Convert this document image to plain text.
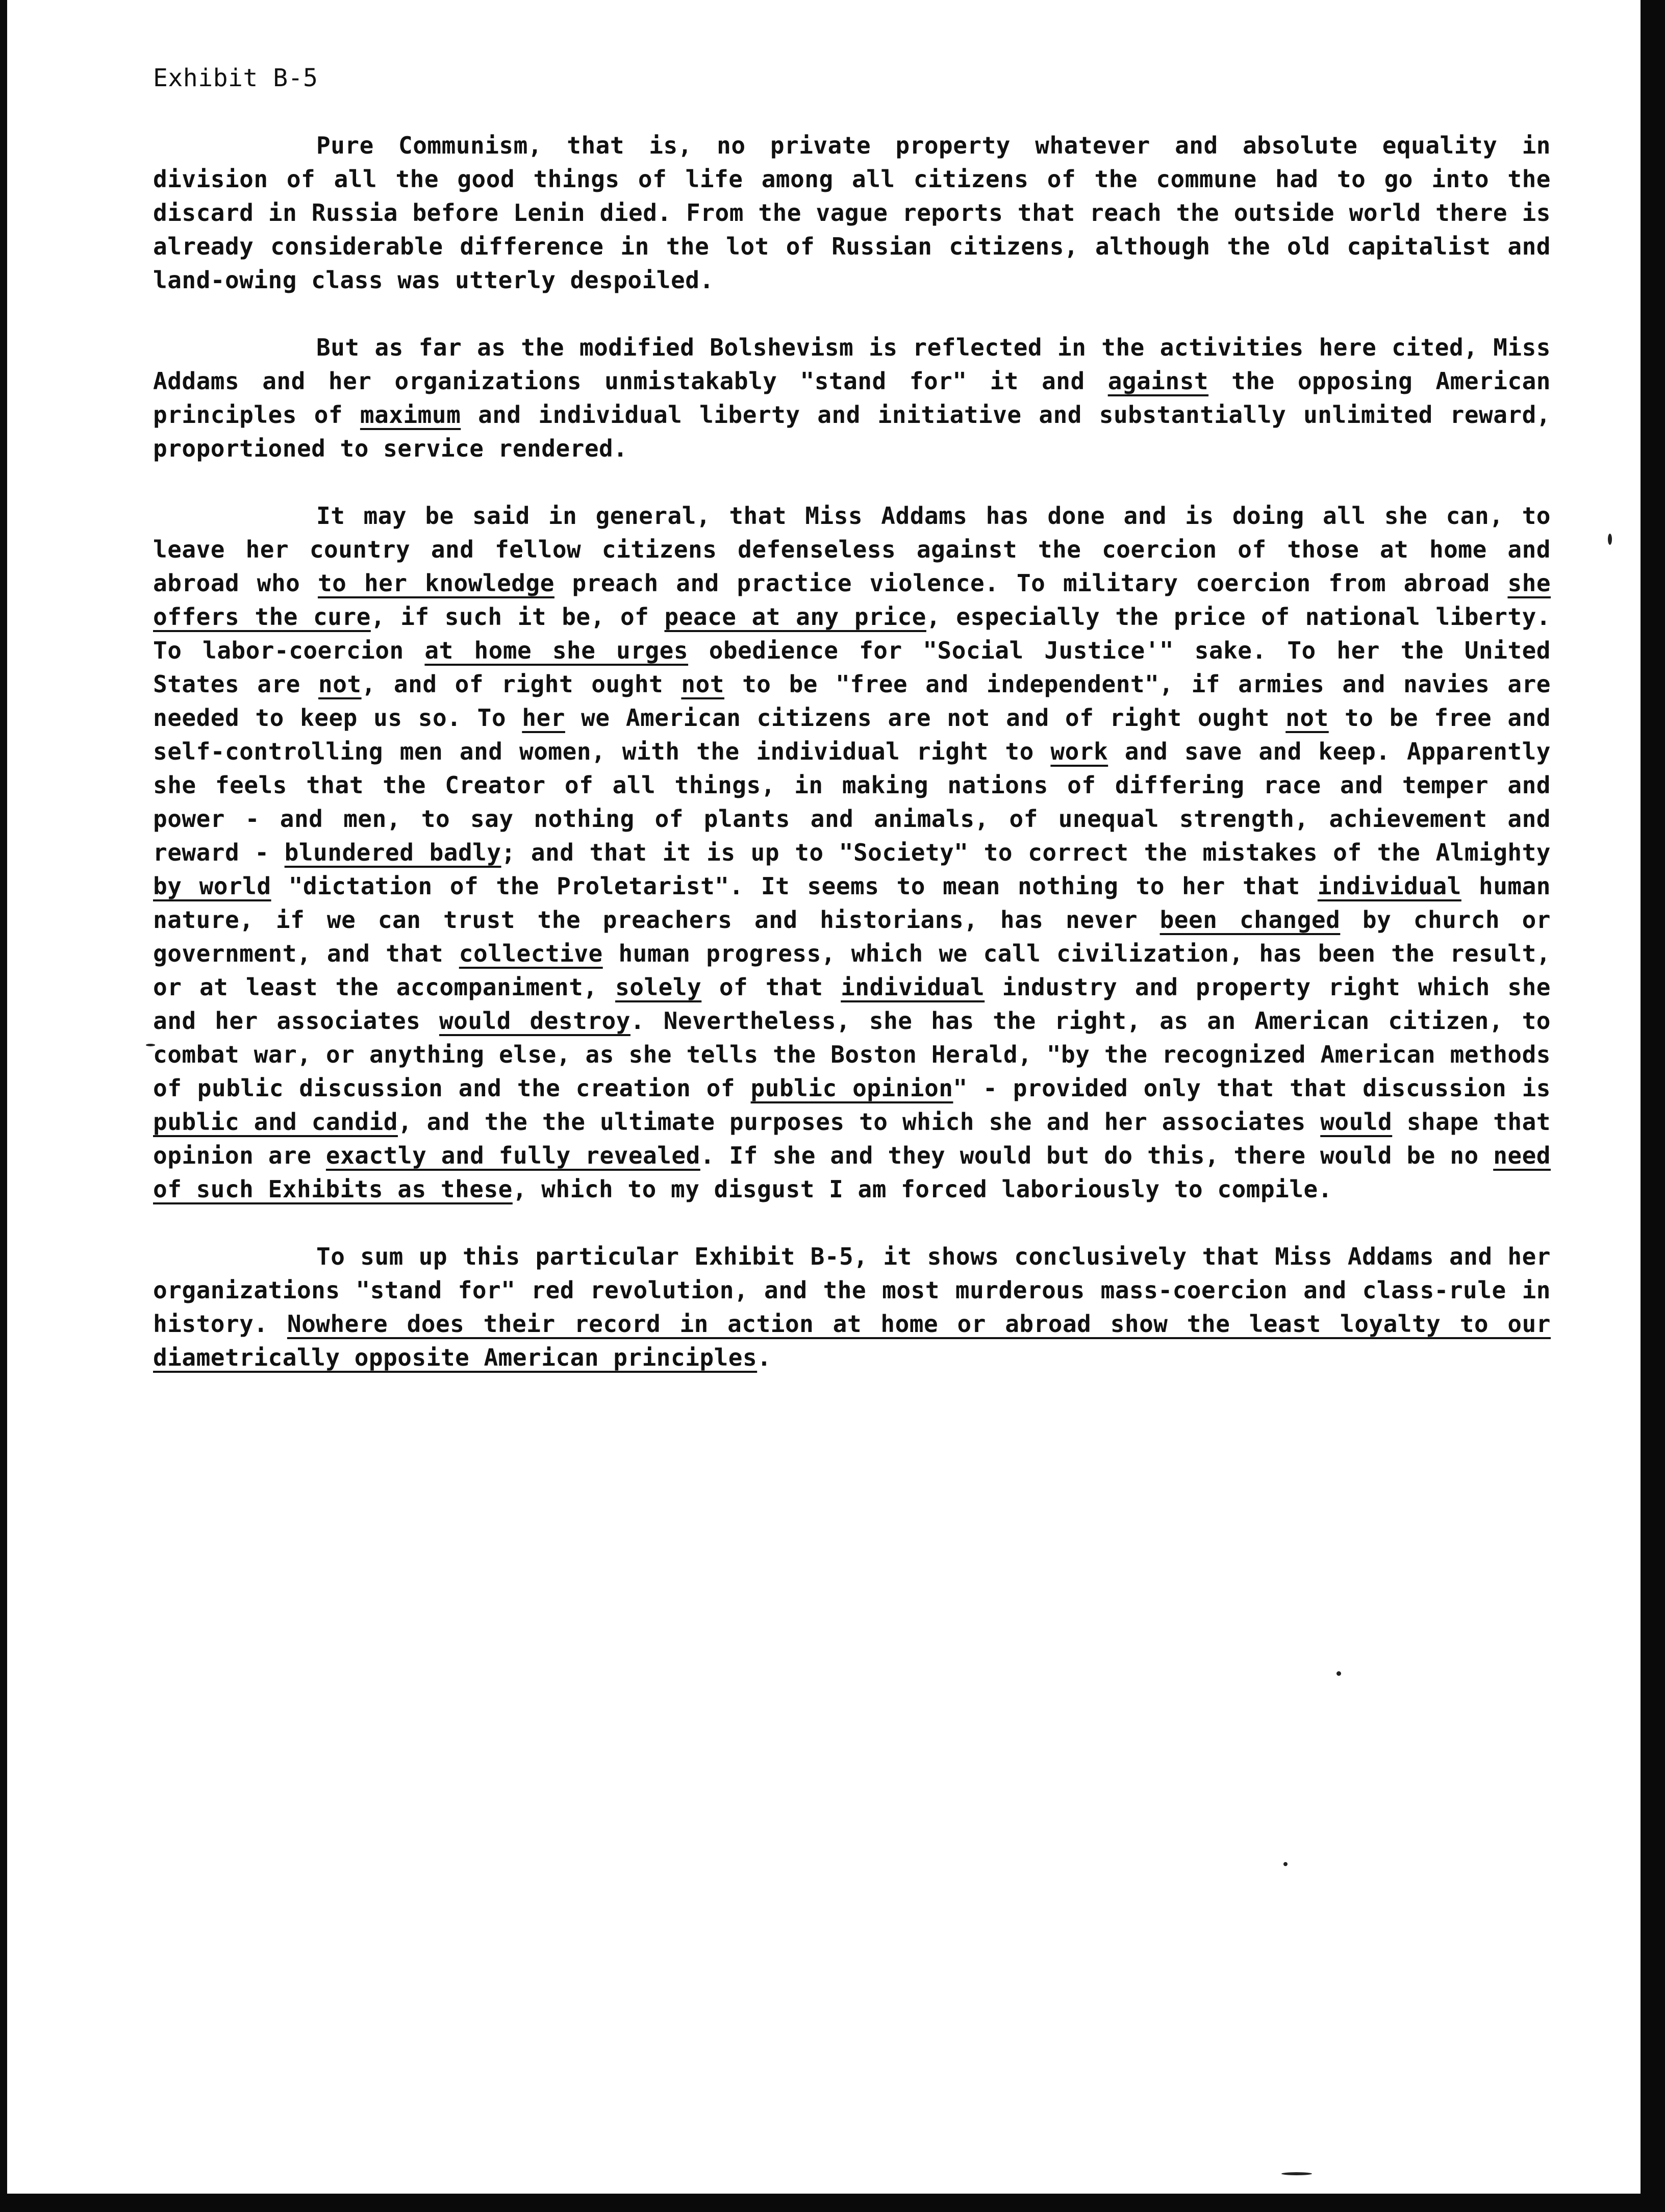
Exhibit B-5

Pure Communism, that is, no private property whatever and absolute equality in division of all the good things of life among all citizens of the commune had to go into the discard in Russia before Lenin died. From the vague reports that reach the outside world there is already considerable difference in the lot of Russian citizens, although the old capitalist and land-owing class was utterly despoiled.

But as far as the modified Bolshevism is reflected in the activities here cited, Miss Addams and her organizations unmistakably "stand for" it and against the opposing American principles of maximum and individual liberty and initiative and substantially unlimited reward, proportioned to service rendered.

It may be said in general, that Miss Addams has done and is doing all she can, to leave her country and fellow citizens defenseless against the coercion of those at home and abroad who to her knowledge preach and practice violence. To military coercion from abroad she offers the cure, if such it be, of peace at any price, especially the price of national liberty. To labor-coercion at home she urges obedience for "Social Justice'" sake. To her the United States are not, and of right ought not to be "free and independent", if armies and navies are needed to keep us so. To her we American citizens are not and of right ought not to be free and self-controlling men and women, with the individual right to work and save and keep. Apparently she feels that the Creator of all things, in making nations of differing race and temper and power - and men, to say nothing of plants and animals, of unequal strength, achievement and reward - blundered badly; and that it is up to "Society" to correct the mistakes of the Almighty by world "dictation of the Proletarist". It seems to mean nothing to her that individual human nature, if we can trust the preachers and historians, has never been changed by church or government, and that collective human progress, which we call civilization, has been the result, or at least the accompaniment, solely of that individual industry and property right which she and her associates would destroy. Nevertheless, she has the right, as an American citizen, to combat war, or anything else, as she tells the Boston Herald, "by the recognized American methods of public discussion and the creation of public opinion" - provided only that that discussion is public and candid, and the the ultimate purposes to which she and her associates would shape that opinion are exactly and fully revealed. If she and they would but do this, there would be no need of such Exhibits as these, which to my disgust I am forced laboriously to compile.

To sum up this particular Exhibit B-5, it shows conclusively that Miss Addams and her organizations "stand for" red revolution, and the most murderous mass-coercion and class-rule in history. Nowhere does their record in action at home or abroad show the least loyalty to our diametrically opposite American principles.
